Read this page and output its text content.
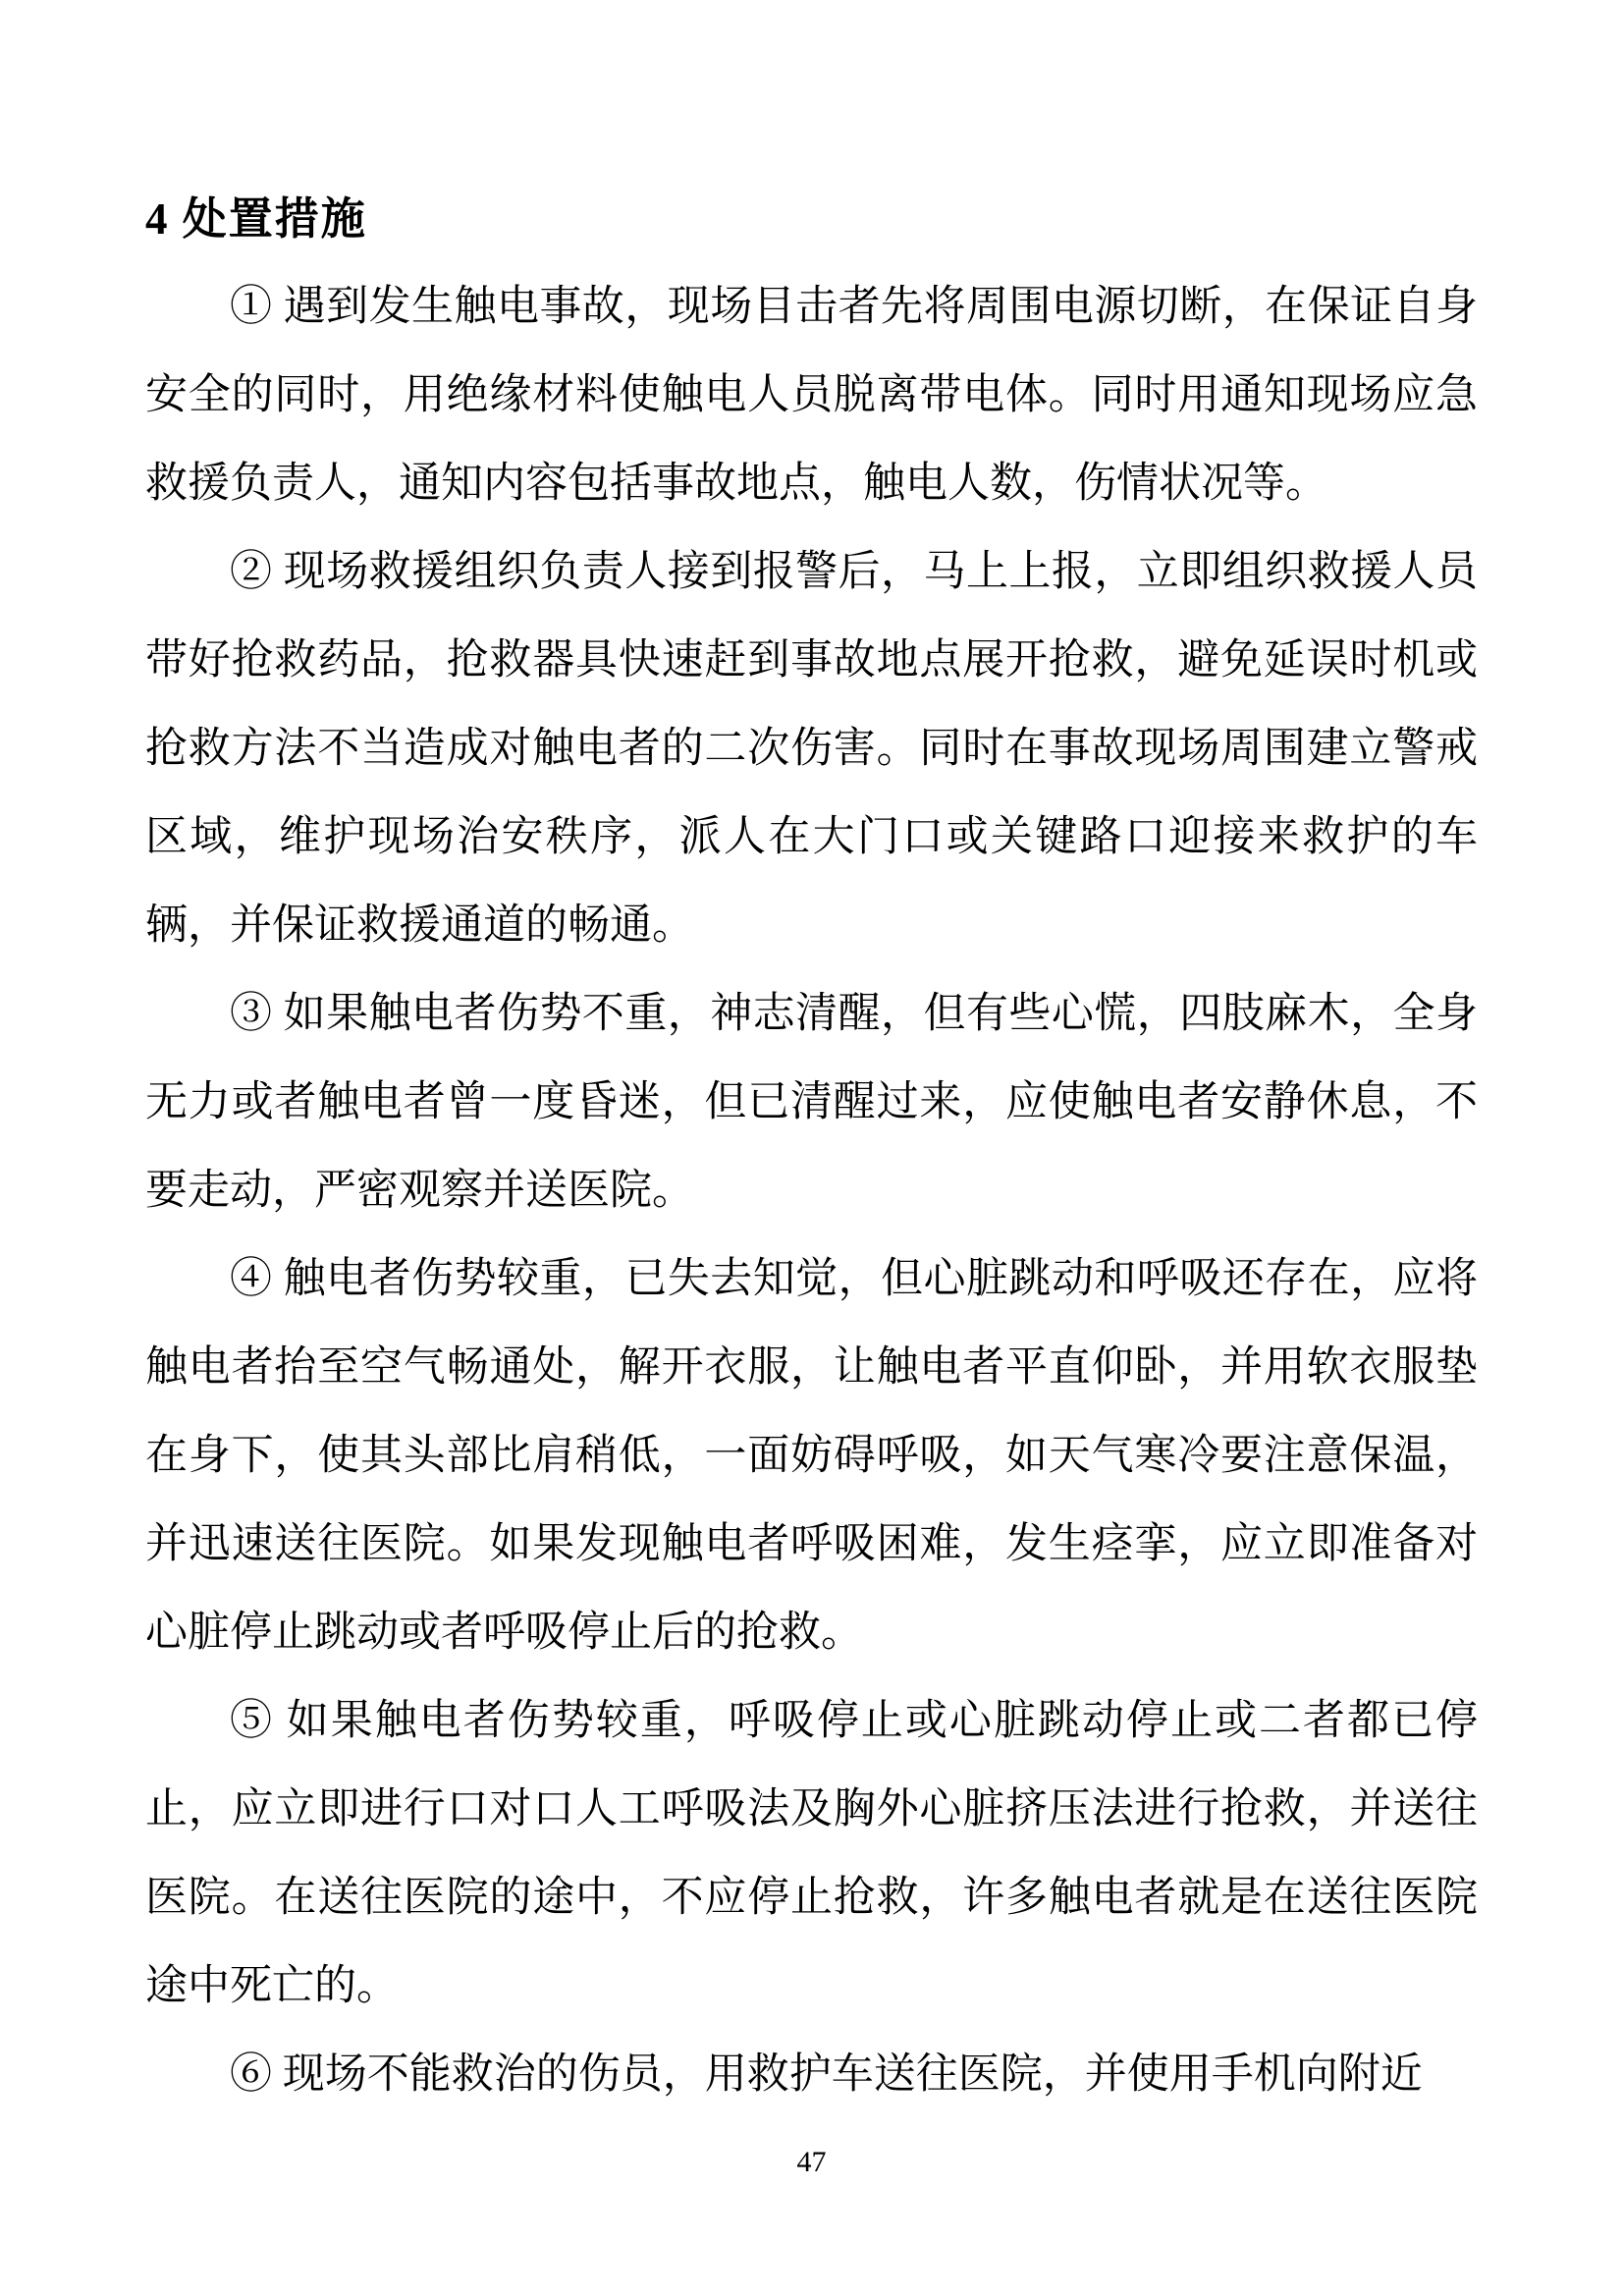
4 处置措施

① 遇到发生触电事故，现场目击者先将周围电源切断，在保证自身安全的同时，用绝缘材料使触电人员脱离带电体。同时用通知现场应急救援负责人，通知内容包括事故地点，触电人数，伤情状况等。

② 现场救援组织负责人接到报警后，马上上报，立即组织救援人员带好抢救药品，抢救器具快速赶到事故地点展开抢救，避免延误时机或抢救方法不当造成对触电者的二次伤害。同时在事故现场周围建立警戒区域，维护现场治安秩序，派人在大门口或关键路口迎接来救护的车辆，并保证救援通道的畅通。

③ 如果触电者伤势不重，神志清醒，但有些心慌，四肢麻木，全身无力或者触电者曾一度昏迷，但已清醒过来，应使触电者安静休息，不要走动，严密观察并送医院。

④ 触电者伤势较重，已失去知觉，但心脏跳动和呼吸还存在，应将触电者抬至空气畅通处，解开衣服，让触电者平直仰卧，并用软衣服垫在身下，使其头部比肩稍低，一面妨碍呼吸，如天气寒冷要注意保温，并迅速送往医院。如果发现触电者呼吸困难，发生痉挛，应立即准备对心脏停止跳动或者呼吸停止后的抢救。

⑤ 如果触电者伤势较重，呼吸停止或心脏跳动停止或二者都已停止，应立即进行口对口人工呼吸法及胸外心脏挤压法进行抢救，并送往医院。在送往医院的途中，不应停止抢救，许多触电者就是在送往医院途中死亡的。

⑥ 现场不能救治的伤员，用救护车送往医院，并使用手机向附近

47
